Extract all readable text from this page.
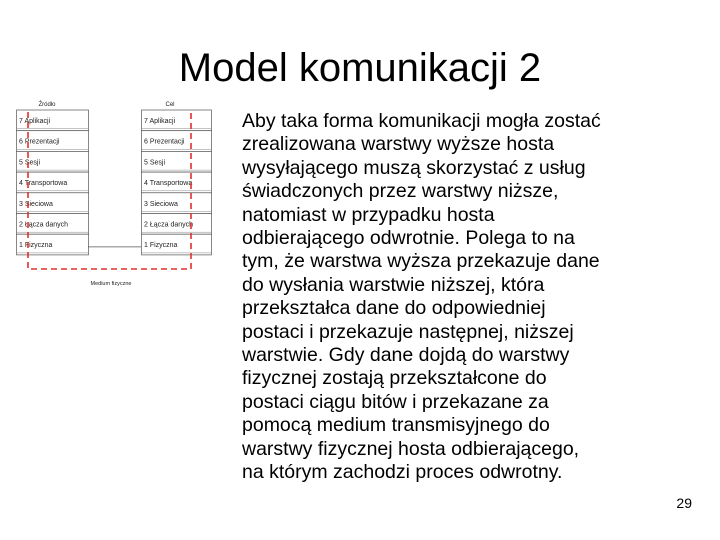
Model komunikacji 2
Źródło	Cel
7 Aplikacji
6 Prezentacji
5 Sesji
4 Transportowa
3 Sieciowa
2 Łącza danych
1 Fizyczna
7 Aplikacji
6 Prezentacji
5 Sesji
4 Transportowa
3 Sieciowa
2 Łącza danych
1 Fizyczna
Medium fizyczne
Aby taka forma komunikacji mogła zostać
zrealizowana warstwy wyższe hosta
wysyłającego muszą skorzystać z usług
świadczonych przez warstwy niższe,
natomiast w przypadku hosta
odbierającego odwrotnie. Polega to na
tym, że warstwa wyższa przekazuje dane
do wysłania warstwie niższej, która
przekształca dane do odpowiedniej
postaci i przekazuje następnej, niższej
warstwie. Gdy dane dojdą do warstwy
fizycznej zostają przekształcone do
postaci ciągu bitów i przekazane za
pomocą medium transmisyjnego do
warstwy fizycznej hosta odbierającego,
na którym zachodzi proces odwrotny.
29
